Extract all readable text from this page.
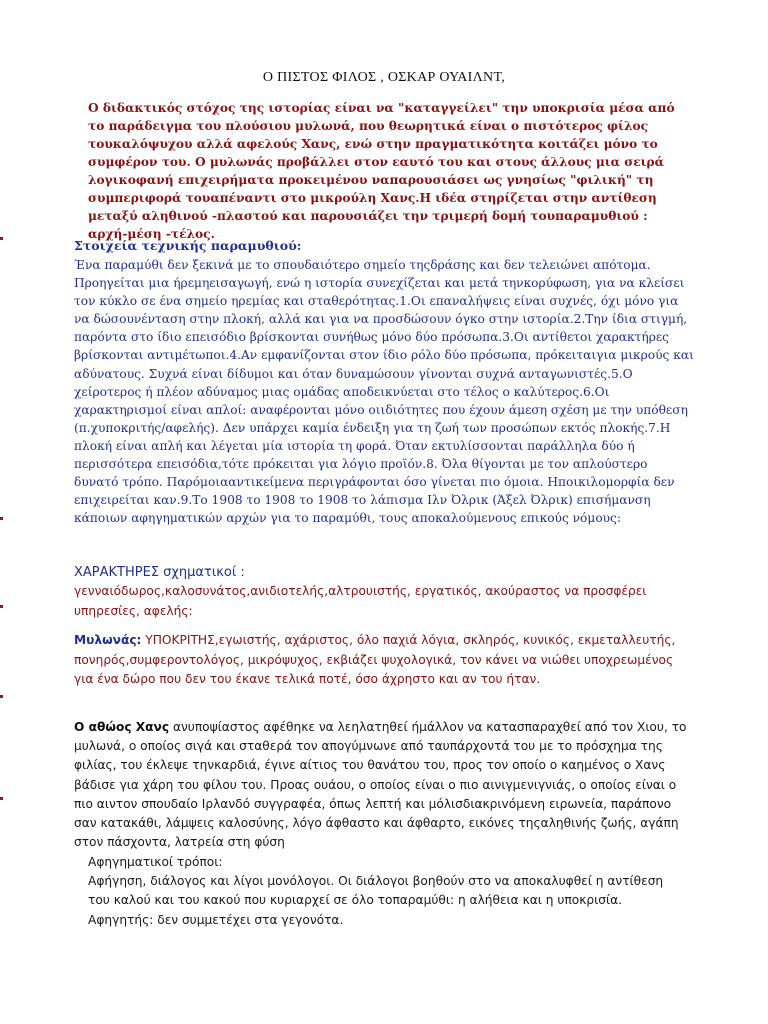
Ο ΠΙΣΤΟΣ ΦΙΛΟΣ , ΟΣΚΑΡ ΟΥΑΙΛΝΤ,

Ο διδακτικός στόχος της ιστορίας είναι να "καταγγείλει" την υποκρισία μέσα από το παράδειγμα του πλούσιου μυλωνά, που θεωρητικά είναι ο πιστότερος φίλος τουκαλόψυχου αλλά αφελούς Χανς, ενώ στην πραγματικότητα κοιτάζει μόνο το συμφέρον του. Ο μυλωνάς προβάλλει στον εαυτό του και στους άλλους μια σειρά λογικοφανή επιχειρήματα προκειμένου ναπαρουσιάσει ως γνησίως "φιλική" τη συμπεριφορά τουαπέναντι στο μικρούλη Χανς.Η ιδέα στηρίζεται στην αντίθεση μεταξύ αληθινού -πλαστού και παρουσιάζει την τριμερή δομή τουπαραμυθιού : αρχή-μέση -τέλος.

Στοιχεία τεχνικής παραμυθιού:

Ένα παραμύθι δεν ξεκινά με το σπουδαιότερο σημείο τηςδράσης και δεν τελειώνει απότομα. Προηγείται μια ήρεμηεισαγωγή, ενώ η ιστορία συνεχίζεται και μετά τηνκορύφωση, για να κλείσει τον κύκλο σε ένα σημείο ηρεμίας και σταθερότητας.1.Οι επαναλήψεις είναι συχνές, όχι μόνο για να δώσουνένταση στην πλοκή, αλλά και για να προσδώσουν όγκο στην ιστορία.2.Την ίδια στιγμή, παρόντα στο ίδιο επεισόδιο βρίσκονται συνήθως μόνο δύο πρόσωπα.3.Οι αντίθετοι χαρακτήρες βρίσκονται αντιμέτωποι.4.Αν εμφανίζονται στον ίδιο ρόλο δύο πρόσωπα, πρόκειταιγια μικρούς και αδύνατους. Συχνά είναι δίδυμοι και όταν δυναμώσουν γίνονται συχνά ανταγωνιστές.5.Ο χείροτερος ή πλέον αδύναμος μιας ομάδας αποδεικνύεται στο τέλος ο καλύτερος.6.Οι χαρακτηρισμοί είναι απλοί: αναφέρονται μόνο οιιδιότητες που έχουν άμεση σχέση με την υπόθεση (π.χυποκριτής/αφελής). Δεν υπάρχει καμία ένδειξη για τη ζωή των προσώπων εκτός πλοκής.7.Η πλοκή είναι απλή και λέγεται μία ιστορία τη φορά. Όταν εκτυλίσσονται παράλληλα δύο ή περισσότερα επεισόδια,τότε πρόκειται για λόγιο προϊόν.8. Όλα θίγονται με τον απλούστερο δυνατό τρόπο. Παρόμοιααντικείμενα περιγράφονται όσο γίνεται πιο όμοια. Ηποικιλομορφία δεν επιχειρείται καν.9.Το 1908 το 1908 το 1908 το λάπισμα Ιλν Όλρικ (Άξελ Όλρικ) επισήμανση κάποιων αφηγηματικών αρχών για το παραμύθι, τους αποκαλούμενους επικούς νόμους:

ΧΑΡΑΚΤΗΡΕΣ σχηματικοί :
γενναιόδωρος,καλοσυνάτος,ανιδιοτελής,αλτρουιστής, εργατικός, ακούραστος να προσφέρει υπηρεσίες, αφελής:
Μυλωνάς: ΥΠΟΚΡΙΤΗΣ,εγωιστής, αχάριστος, όλο παχιά λόγια, σκληρός, κυνικός, εκμεταλλευτής, πονηρός,συμφεροντολόγος, μικρόψυχος, εκβιάζει ψυχολογικά, τον κάνει να νιώθει υποχρεωμένος για ένα δώρο που δεν του έκανε τελικά ποτέ, όσο άχρηστο και αν του ήταν.
Ο αθώος Χανς ανυποψίαστος αφέθηκε να λεηλατηθεί ήμάλλον να κατασπαραχθεί από τον Χιου, το μυλωνά, ο οποίος σιγά και σταθερά τον απογύμνωνε από ταυπάρχοντά του με το πρόσχημα της φιλίας, του έκλεψε τηνκαρδιά, έγινε αίτιος του θανάτου του, προς τον οποίο ο καημένος ο Χανς βάδισε για χάρη του φίλου του. Προας ουάου, ο οποίος είναι ο πιο αινιγμενιγνιάς, ο οποίος είναι ο πιο αιντον σπουδαίο Ιρλανδό συγγραφέα, όπως λεπτή και μόλισδιακριvόμενη ειρωνεία, παράπονο σαν κατακάθι, λάμψεις καλοσύνης, λόγο άφθαστο και άφθαρτο, εικόνες τηςαληθινής ζωής, αγάπη στον πάσχοντα, λατρεία στη φύση

Αφηγηματικοί τρόποι:

Αφήγηση, διάλογος και λίγοι μονόλογοι. Οι διάλογοι βοηθούν στο να αποκαλυφθεί η αντίθεση του καλού και του κακού που κυριαρχεί σε όλο τοπαραμύθι: η αλήθεια και η υποκρισία.

Αφηγητής: δεν συμμετέχει στα γεγονότα.
